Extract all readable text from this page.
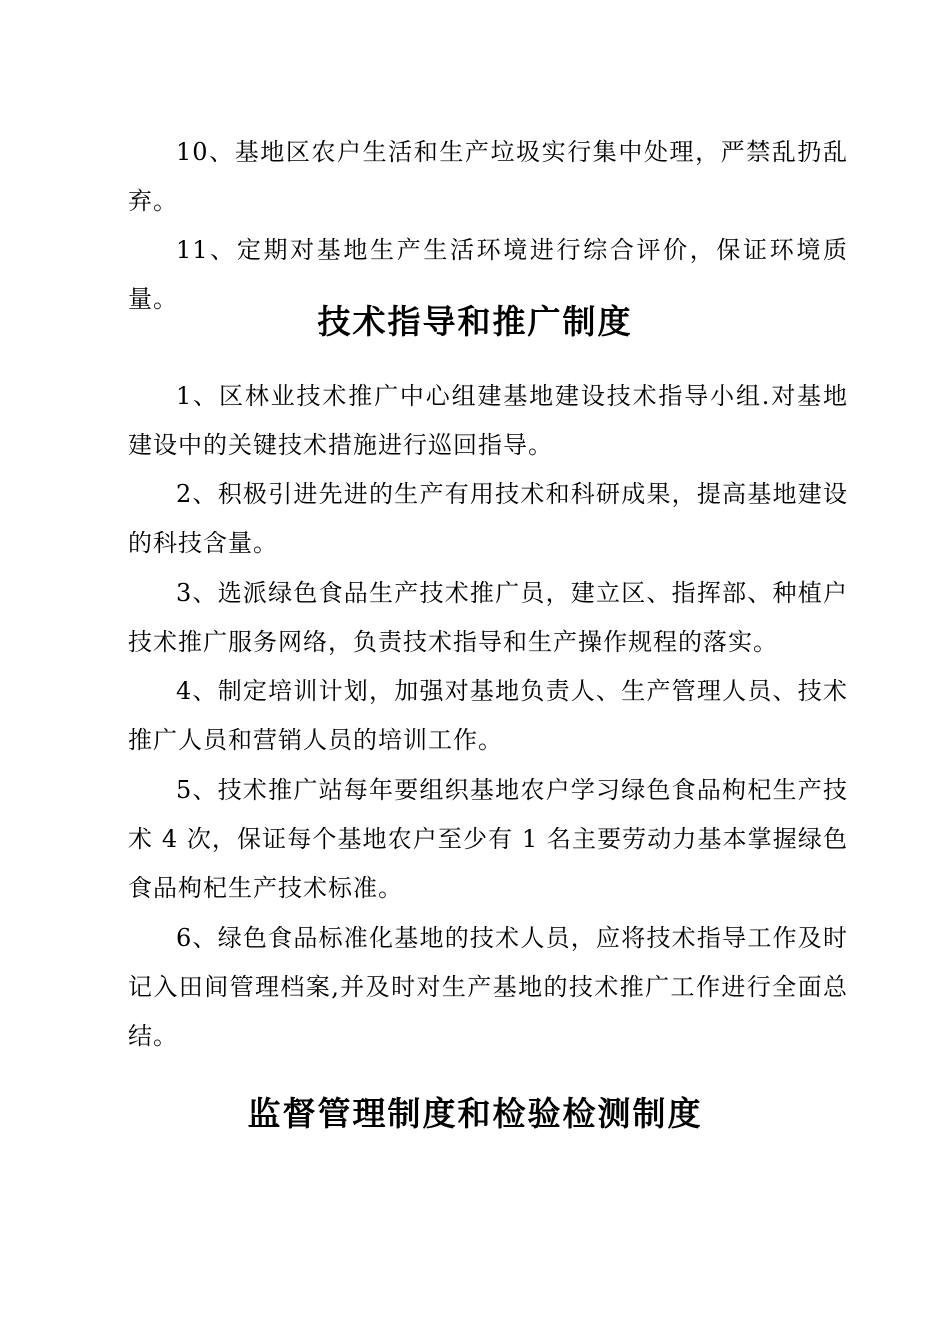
10、基地区农户生活和生产垃圾实行集中处理，严禁乱扔乱弃。

11、定期对基地生产生活环境进行综合评价，保证环境质量。

技术指导和推广制度

1、区林业技术推广中心组建基地建设技术指导小组.对基地建设中的关键技术措施进行巡回指导。

2、积极引进先进的生产有用技术和科研成果，提高基地建设的科技含量。

3、选派绿色食品生产技术推广员，建立区、指挥部、种植户技术推广服务网络，负责技术指导和生产操作规程的落实。

4、制定培训计划，加强对基地负责人、生产管理人员、技术推广人员和营销人员的培训工作。

5、技术推广站每年要组织基地农户学习绿色食品枸杞生产技术 4 次，保证每个基地农户至少有 1 名主要劳动力基本掌握绿色食品枸杞生产技术标准。

6、绿色食品标准化基地的技术人员，应将技术指导工作及时记入田间管理档案,并及时对生产基地的技术推广工作进行全面总结。

监督管理制度和检验检测制度
